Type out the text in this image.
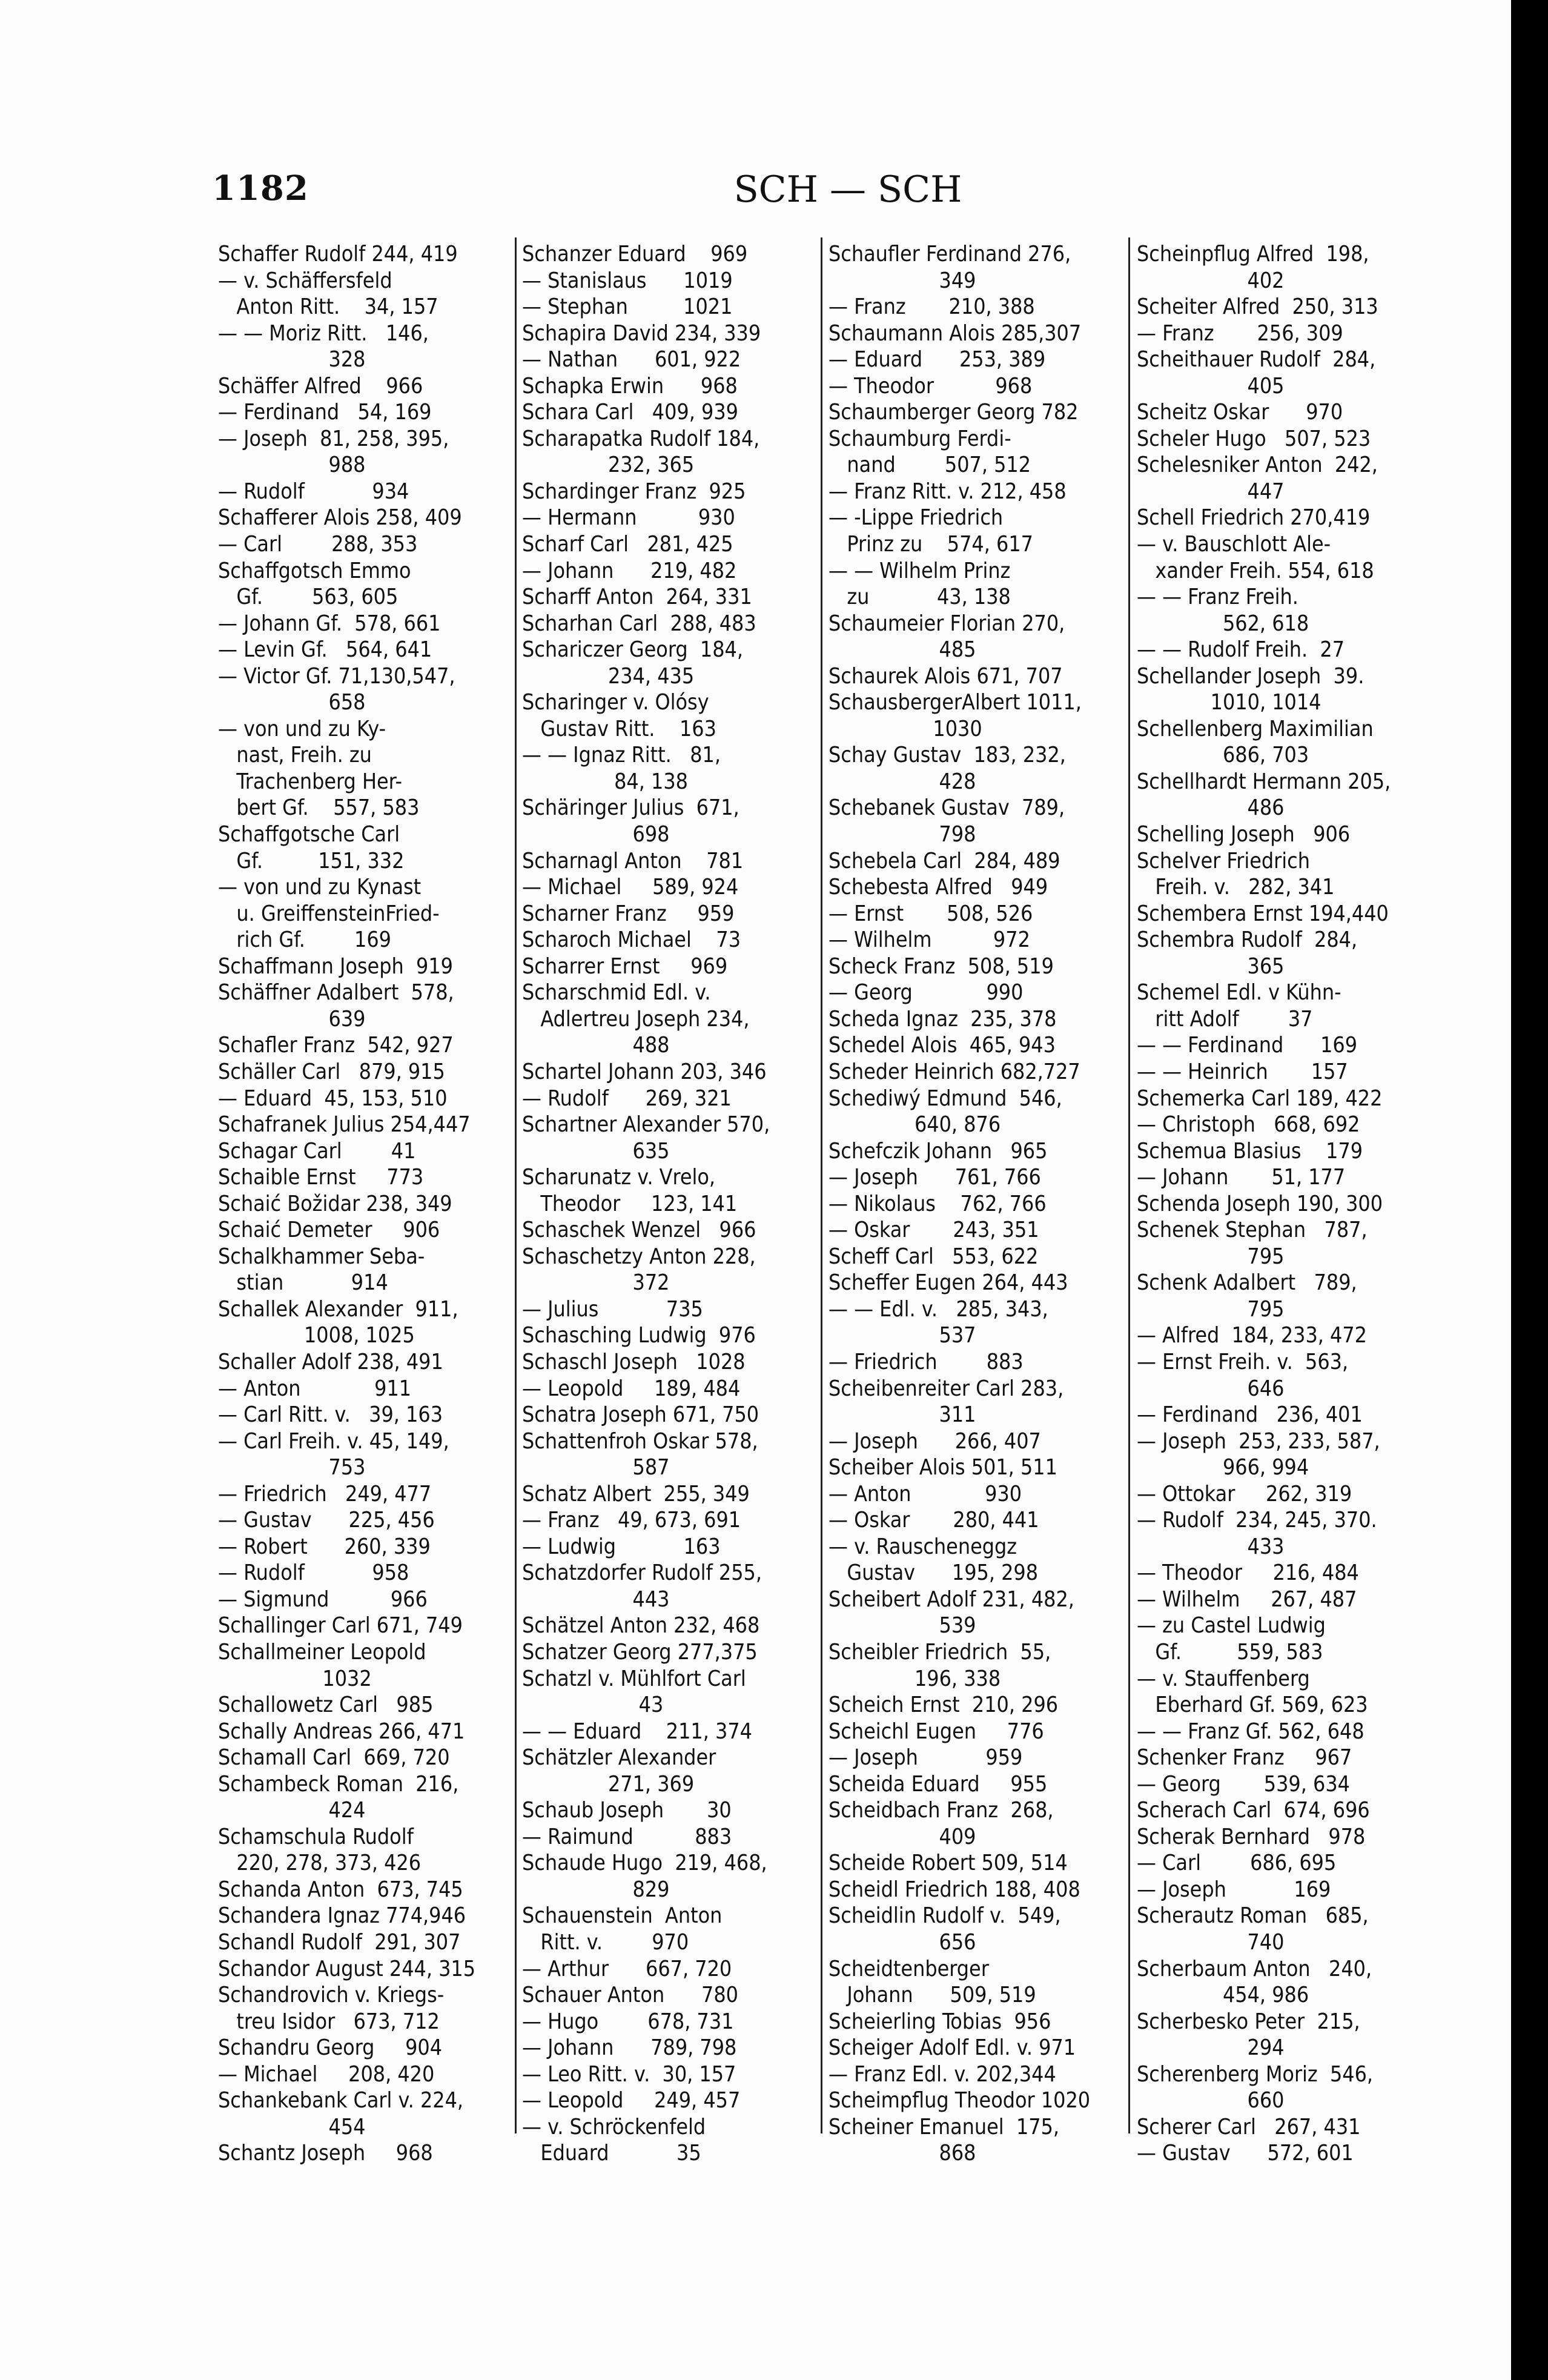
1182	SCH — SCH
Schaffer Rudolf 244, 419
— v. Schäffersfeld
Anton Ritt.    34, 157
— — Moriz Ritt.   146,
328
Schäffer Alfred    966
— Ferdinand   54, 169
— Joseph  81, 258, 395,
988
— Rudolf           934
Schafferer Alois 258, 409
— Carl        288, 353
Schaffgotsch Emmo
Gf.        563, 605
— Johann Gf.  578, 661
— Levin Gf.   564, 641
— Victor Gf. 71,130,547,
658
— von und zu Ky-
nast, Freih. zu
Trachenberg Her-
bert Gf.    557, 583
Schaffgotsche Carl
Gf.         151, 332
— von und zu Kynast
u. GreiffensteinFried-
rich Gf.        169
Schaffmann Joseph  919
Schäffner Adalbert  578,
639
Schafler Franz  542, 927
Schäller Carl   879, 915
— Eduard  45, 153, 510
Schafranek Julius 254,447
Schagar Carl        41
Schaible Ernst     773
Schaić Božidar 238, 349
Schaić Demeter     906
Schalkhammer Seba-
stian           914
Schallek Alexander  911,
1008, 1025
Schaller Adolf 238, 491
— Anton            911
— Carl Ritt. v.   39, 163
— Carl Freih. v. 45, 149,
753
— Friedrich   249, 477
— Gustav      225, 456
— Robert      260, 339
— Rudolf           958
— Sigmund          966
Schallinger Carl 671, 749
Schallmeiner Leopold
1032
Schallowetz Carl   985
Schally Andreas 266, 471
Schamall Carl  669, 720
Schambeck Roman  216,
424
Schamschula Rudolf
220, 278, 373, 426
Schanda Anton  673, 745
Schandera Ignaz 774,946
Schandl Rudolf  291, 307
Schandor August 244, 315
Schandrovich v. Kriegs-
treu Isidor   673, 712
Schandru Georg     904
— Michael     208, 420
Schankebank Carl v. 224,
454
Schantz Joseph     968
Schanzer Eduard    969
— Stanislaus      1019
— Stephan         1021
Schapira David 234, 339
— Nathan      601, 922
Schapka Erwin      968
Schara Carl   409, 939
Scharapatka Rudolf 184,
232, 365
Schardinger Franz  925
— Hermann          930
Scharf Carl   281, 425
— Johann      219, 482
Scharff Anton  264, 331
Scharhan Carl  288, 483
Schariczer Georg  184,
234, 435
Scharinger v. Olósy
Gustav Ritt.    163
— — Ignaz Ritt.   81,
84, 138
Schäringer Julius  671,
698
Scharnagl Anton    781
— Michael     589, 924
Scharner Franz     959
Scharoch Michael    73
Scharrer Ernst     969
Scharschmid Edl. v.
Adlertreu Joseph 234,
488
Schartel Johann 203, 346
— Rudolf      269, 321
Schartner Alexander 570,
635
Scharunatz v. Vrelo,
Theodor     123, 141
Schaschek Wenzel   966
Schaschetzy Anton 228,
372
— Julius           735
Schasching Ludwig  976
Schaschl Joseph   1028
— Leopold     189, 484
Schatra Joseph 671, 750
Schattenfroh Oskar 578,
587
Schatz Albert  255, 349
— Franz   49, 673, 691
— Ludwig           163
Schatzdorfer Rudolf 255,
443
Schätzel Anton 232, 468
Schatzer Georg 277,375
Schatzl v. Mühlfort Carl
43
— — Eduard    211, 374
Schätzler Alexander
271, 369
Schaub Joseph       30
— Raimund          883
Schaude Hugo  219, 468,
829
Schauenstein  Anton
Ritt. v.        970
— Arthur      667, 720
Schauer Anton      780
— Hugo        678, 731
— Johann      789, 798
— Leo Ritt. v.  30, 157
— Leopold     249, 457
— v. Schröckenfeld
Eduard           35
Schaufler Ferdinand 276,
349
— Franz       210, 388
Schaumann Alois 285,307
— Eduard      253, 389
— Theodor          968
Schaumberger Georg 782
Schaumburg Ferdi-
nand        507, 512
— Franz Ritt. v. 212, 458
— -Lippe Friedrich
Prinz zu    574, 617
— — Wilhelm Prinz
zu           43, 138
Schaumeier Florian 270,
485
Schaurek Alois 671, 707
SchausbergerAlbert 1011,
1030
Schay Gustav  183, 232,
428
Schebanek Gustav  789,
798
Schebela Carl  284, 489
Schebesta Alfred   949
— Ernst       508, 526
— Wilhelm          972
Scheck Franz  508, 519
— Georg            990
Scheda Ignaz  235, 378
Schedel Alois  465, 943
Scheder Heinrich 682,727
Schediwý Edmund  546,
640, 876
Schefczik Johann   965
— Joseph      761, 766
— Nikolaus    762, 766
— Oskar       243, 351
Scheff Carl   553, 622
Scheffer Eugen 264, 443
— — Edl. v.   285, 343,
537
— Friedrich        883
Scheibenreiter Carl 283,
311
— Joseph      266, 407
Scheiber Alois 501, 511
— Anton            930
— Oskar       280, 441
— v. Rauscheneggz
Gustav      195, 298
Scheibert Adolf 231, 482,
539
Scheibler Friedrich  55,
196, 338
Scheich Ernst  210, 296
Scheichl Eugen     776
— Joseph           959
Scheida Eduard     955
Scheidbach Franz  268,
409
Scheide Robert 509, 514
Scheidl Friedrich 188, 408
Scheidlin Rudolf v.  549,
656
Scheidtenberger
Johann      509, 519
Scheierling Tobias  956
Scheiger Adolf Edl. v. 971
— Franz Edl. v. 202,344
Scheimpflug Theodor 1020
Scheiner Emanuel  175,
868
Scheinpflug Alfred  198,
402
Scheiter Alfred  250, 313
— Franz       256, 309
Scheithauer Rudolf  284,
405
Scheitz Oskar      970
Scheler Hugo   507, 523
Schelesniker Anton  242,
447
Schell Friedrich 270,419
— v. Bauschlott Ale-
xander Freih. 554, 618
— — Franz Freih.
562, 618
— — Rudolf Freih.  27
Schellander Joseph  39.
1010, 1014
Schellenberg Maximilian
686, 703
Schellhardt Hermann 205,
486
Schelling Joseph   906
Schelver Friedrich
Freih. v.   282, 341
Schembera Ernst 194,440
Schembra Rudolf  284,
365
Schemel Edl. v Kühn-
ritt Adolf        37
— — Ferdinand      169
— — Heinrich       157
Schemerka Carl 189, 422
— Christoph   668, 692
Schemua Blasius    179
— Johann       51, 177
Schenda Joseph 190, 300
Schenek Stephan   787,
795
Schenk Adalbert   789,
795
— Alfred  184, 233, 472
— Ernst Freih. v.  563,
646
— Ferdinand   236, 401
— Joseph  253, 233, 587,
966, 994
— Ottokar     262, 319
— Rudolf  234, 245, 370.
433
— Theodor     216, 484
— Wilhelm     267, 487
— zu Castel Ludwig
Gf.         559, 583
— v. Stauffenberg
Eberhard Gf. 569, 623
— — Franz Gf. 562, 648
Schenker Franz     967
— Georg       539, 634
Scherach Carl  674, 696
Scherak Bernhard   978
— Carl        686, 695
— Joseph           169
Scherautz Roman   685,
740
Scherbaum Anton   240,
454, 986
Scherbesko Peter  215,
294
Scherenberg Moriz  546,
660
Scherer Carl   267, 431
— Gustav      572, 601
